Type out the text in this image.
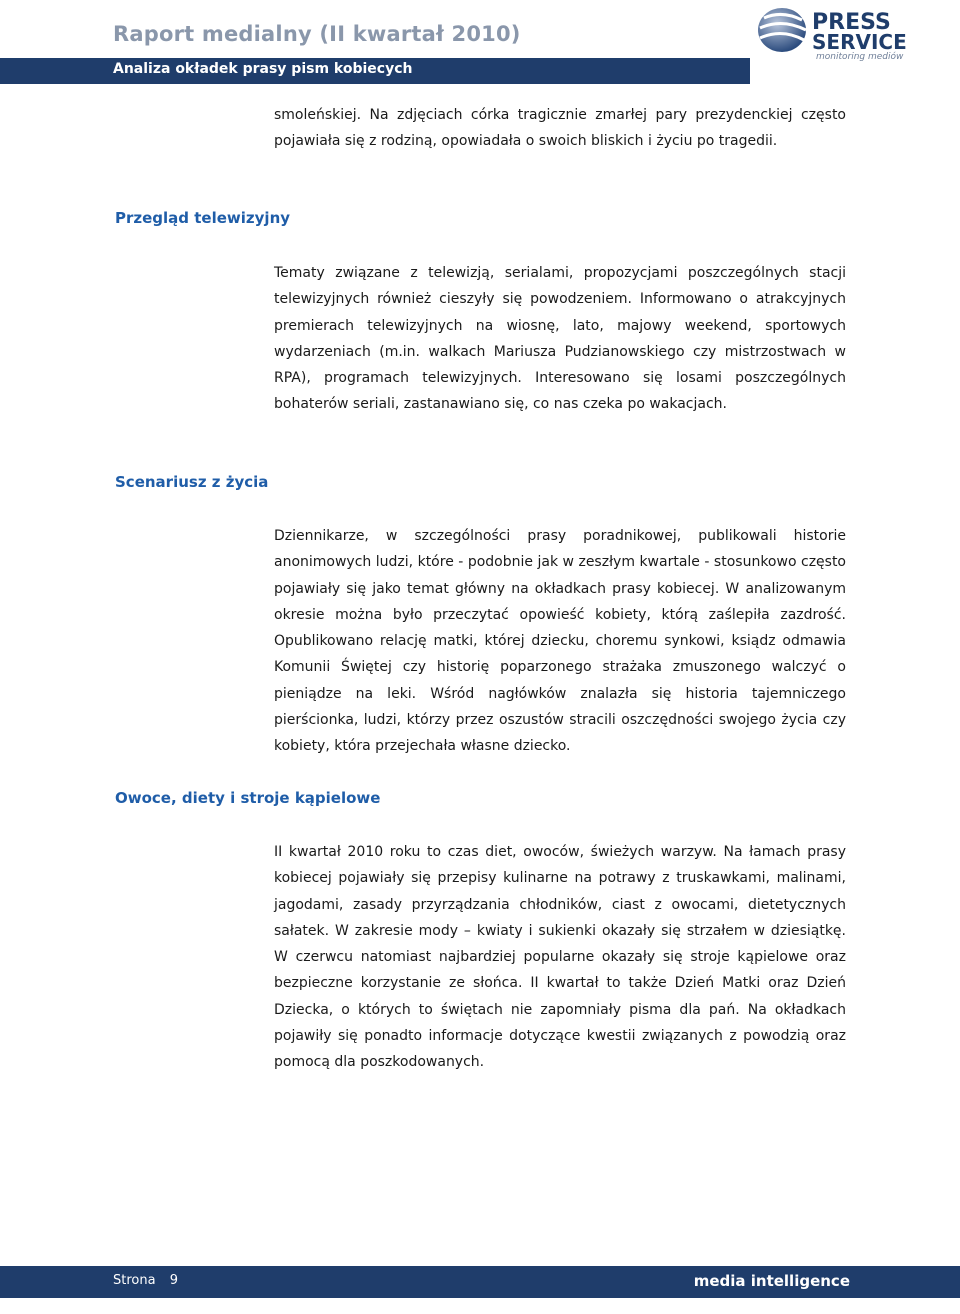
Raport medialny (II kwartał 2010)
Analiza okładek prasy pism kobiecych
PRESS
SERVICE
monitoring mediów

smoleńskiej. Na zdjęciach córka tragicznie zmarłej pary prezydenckiej często pojawiała się z rodziną, opowiadała o swoich bliskich i życiu po tragedii.

Przegląd telewizyjny

Tematy związane z telewizją, serialami, propozycjami poszczególnych stacji telewizyjnych również cieszyły się powodzeniem. Informowano o atrakcyjnych premierach telewizyjnych na wiosnę, lato, majowy weekend, sportowych wydarzeniach (m.in. walkach Mariusza Pudzianowskiego czy mistrzostwach w RPA), programach telewizyjnych. Interesowano się losami poszczególnych bohaterów seriali, zastanawiano się, co nas czeka po wakacjach.

Scenariusz z życia

Dziennikarze, w szczególności prasy poradnikowej, publikowali historie anonimowych ludzi, które - podobnie jak w zeszłym kwartale - stosunkowo często pojawiały się jako temat główny na okładkach prasy kobiecej. W analizowanym okresie można było przeczytać opowieść kobiety, którą zaślepiła zazdrość. Opublikowano relację matki, której dziecku, choremu synkowi, ksiądz odmawia Komunii Świętej czy historię poparzonego strażaka zmuszonego walczyć o pieniądze na leki. Wśród nagłówków znalazła się historia tajemniczego pierścionka, ludzi, którzy przez oszustów stracili oszczędności swojego życia czy kobiety, która przejechała własne dziecko.

Owoce, diety i stroje kąpielowe

II kwartał 2010 roku to czas diet, owoców, świeżych warzyw. Na łamach prasy kobiecej pojawiały się przepisy kulinarne na potrawy z truskawkami, malinami, jagodami, zasady przyrządzania chłodników, ciast z owocami, dietetycznych sałatek. W zakresie mody – kwiaty i sukienki okazały się strzałem w dziesiątkę. W czerwcu natomiast najbardziej popularne okazały się stroje kąpielowe oraz bezpieczne korzystanie ze słońca. II kwartał to także Dzień Matki oraz Dzień Dziecka, o których to świętach nie zapomniały pisma dla pań. Na okładkach pojawiły się ponadto informacje dotyczące kwestii związanych z powodzią oraz pomocą dla poszkodowanych.

Strona 9	media intelligence
